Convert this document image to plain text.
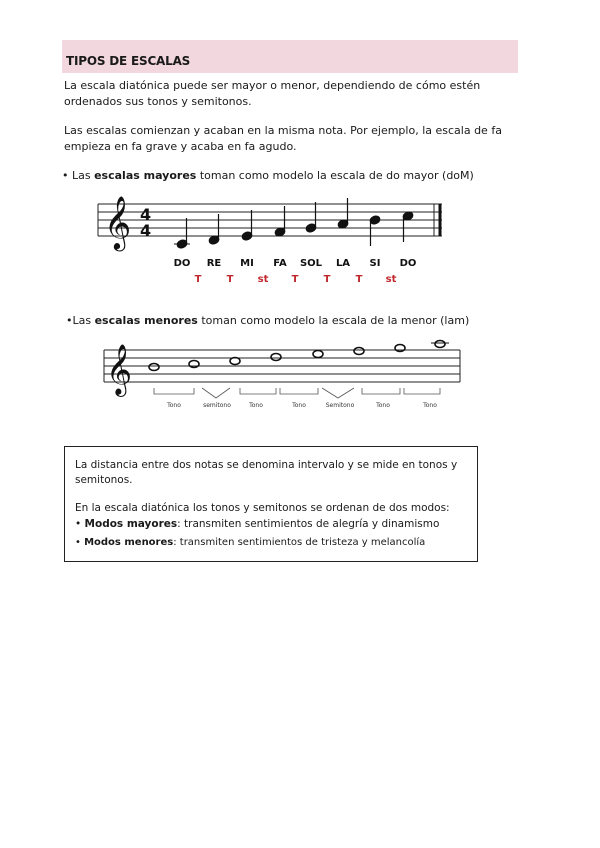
TIPOS DE ESCALAS
La escala diatónica puede ser mayor o menor, dependiendo de cómo estén
ordenados sus tonos y semitonos.
Las escalas comienzan y acaban en la misma nota. Por ejemplo, la escala de fa
empieza en fa grave y acaba en fa agudo.
• Las escalas mayores toman como modelo la escala de do mayor (doM)
𝄞 4
4
DO RE MI FA SOL LA SI DO
T	T st T	T	T st
•Las escalas menores toman como modelo la escala de la menor (lam)
𝄞
Tono	semitono	Tono	Tono	Semitono	Tono	Tono
La distancia entre dos notas se denomina intervalo y se mide en tonos y
semitonos.
En la escala diatónica los tonos y semitonos se ordenan de dos modos:
• Modos mayores: transmiten sentimientos de alegría y dinamismo
• Modos menores: transmiten sentimientos de tristeza y melancolía
